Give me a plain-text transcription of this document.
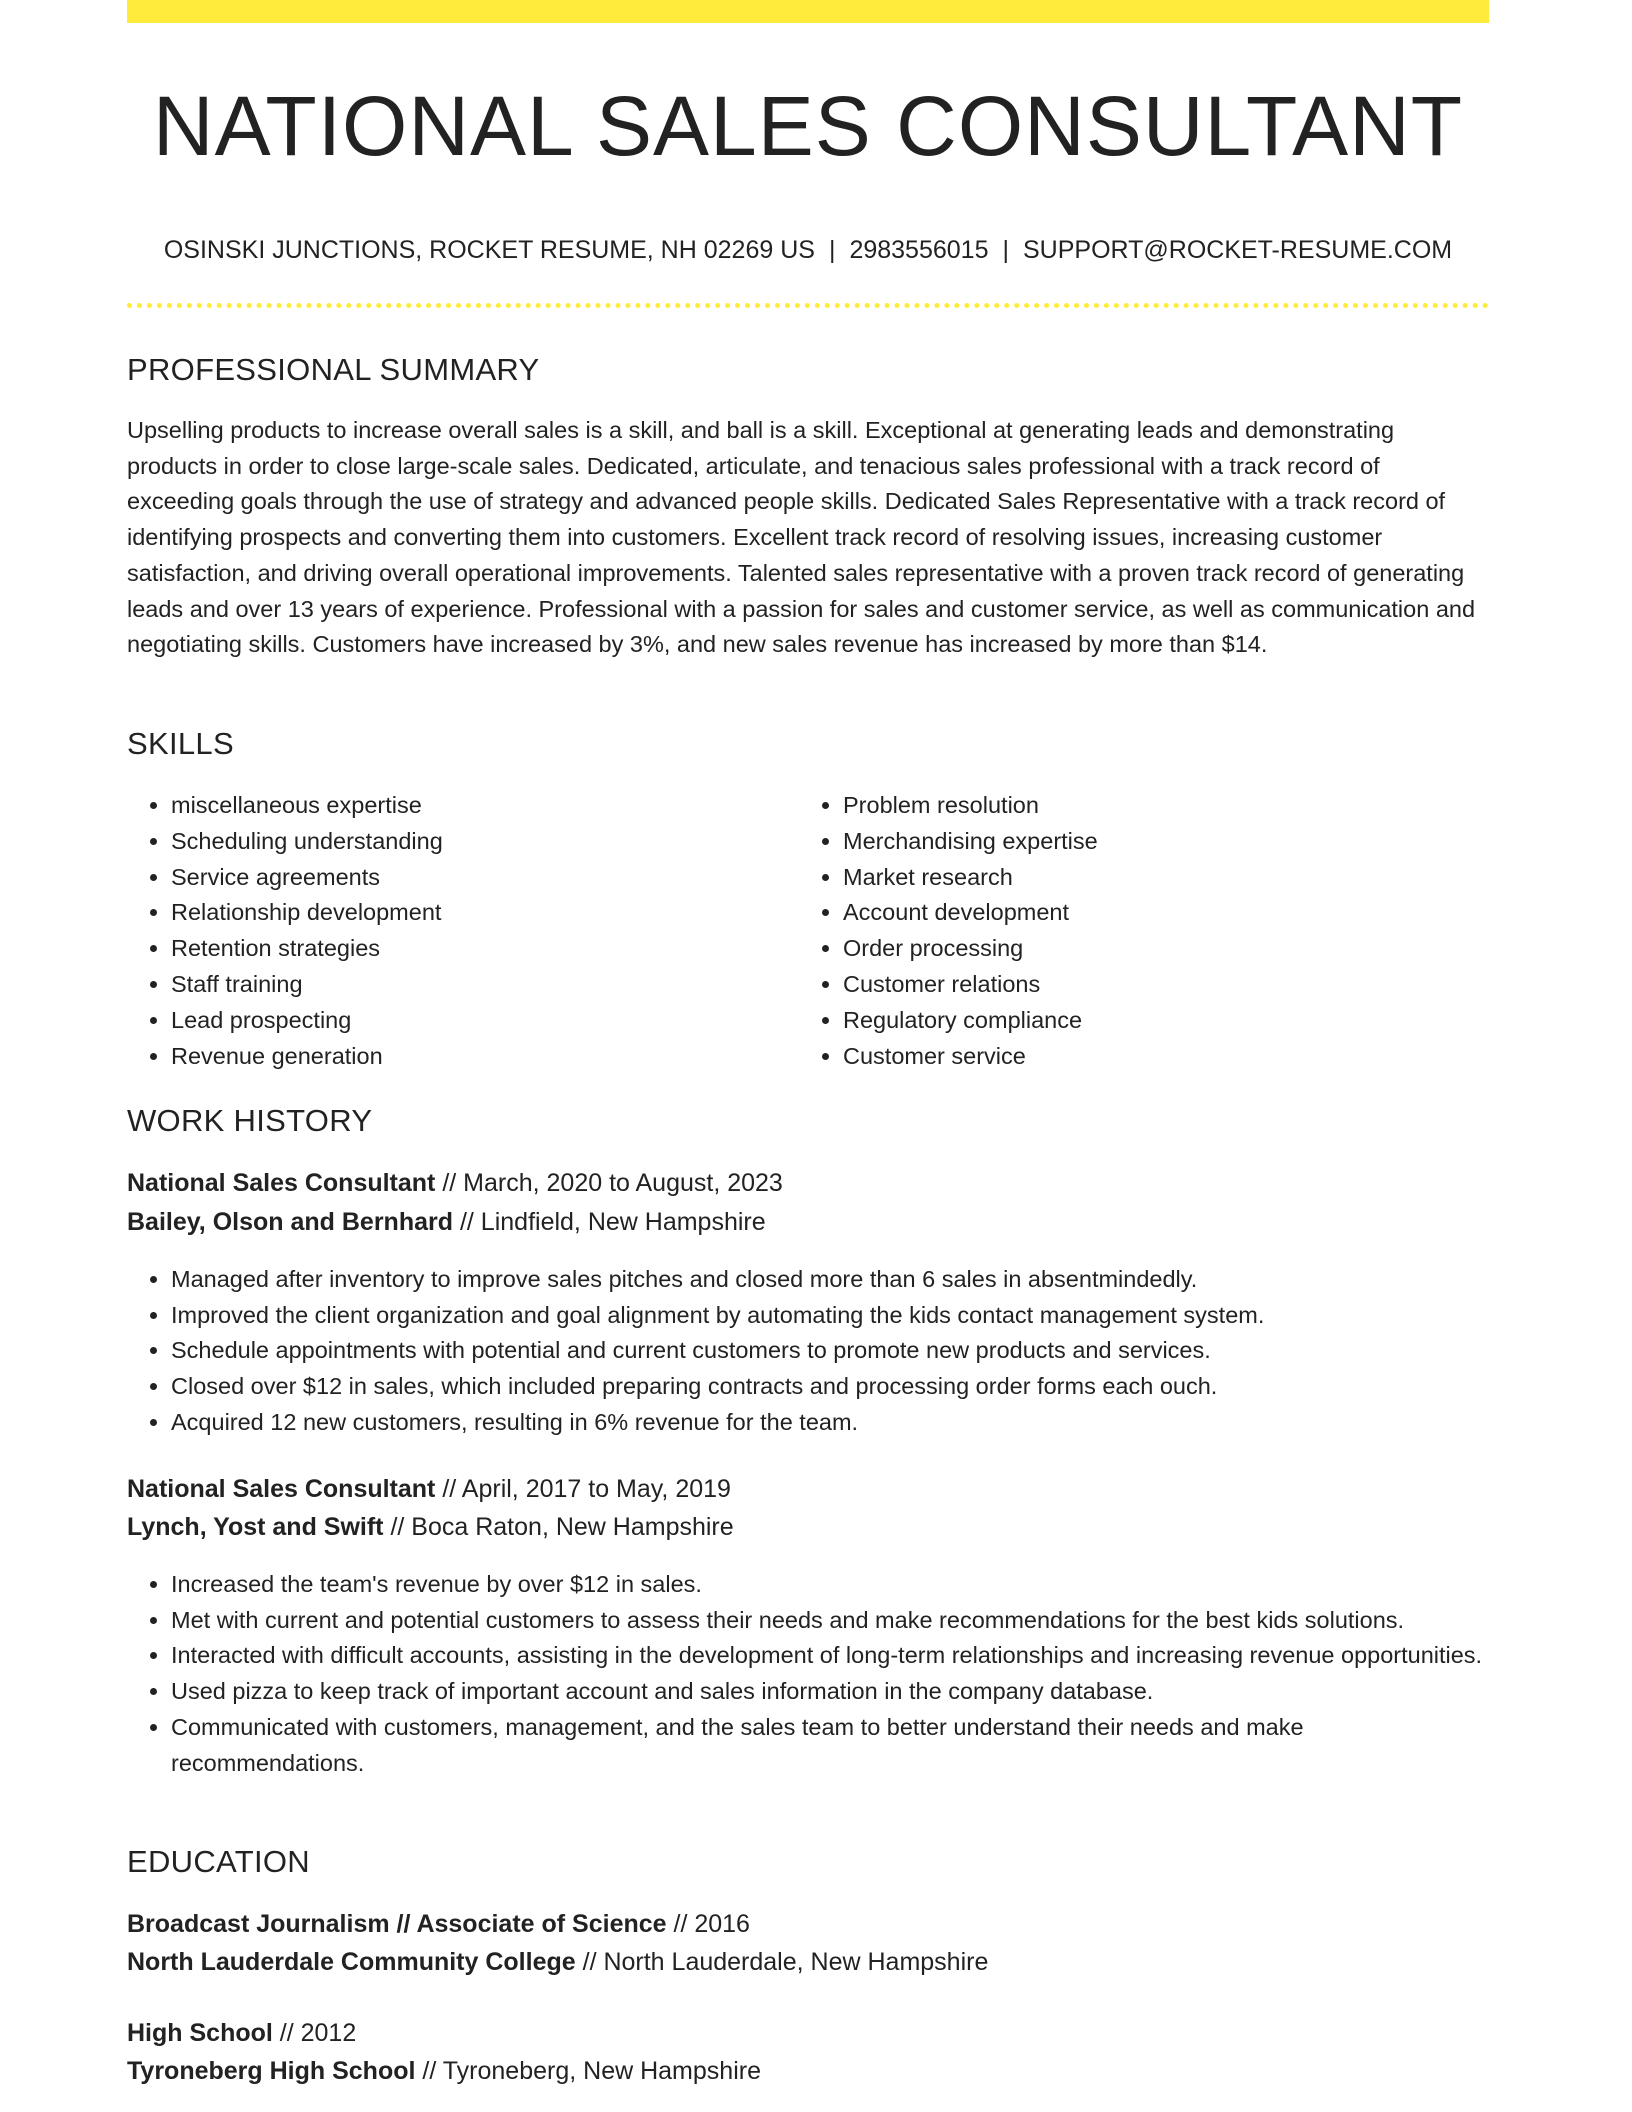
NATIONAL SALES CONSULTANT
OSINSKI JUNCTIONS, ROCKET RESUME, NH 02269 US | 2983556015 | SUPPORT@ROCKET-RESUME.COM
PROFESSIONAL SUMMARY

Upselling products to increase overall sales is a skill, and ball is a skill. Exceptional at generating leads and demonstrating products in order to close large-scale sales. Dedicated, articulate, and tenacious sales professional with a track record of exceeding goals through the use of strategy and advanced people skills. Dedicated Sales Representative with a track record of identifying prospects and converting them into customers. Excellent track record of resolving issues, increasing customer satisfaction, and driving overall operational improvements. Talented sales representative with a proven track record of generating leads and over 13 years of experience. Professional with a passion for sales and customer service, as well as communication and negotiating skills. Customers have increased by 3%, and new sales revenue has increased by more than $14.

SKILLS
• miscellaneous expertise
• Scheduling understanding
• Service agreements
• Relationship development
• Retention strategies
• Staff training
• Lead prospecting
• Revenue generation
• Problem resolution
• Merchandising expertise
• Market research
• Account development
• Order processing
• Customer relations
• Regulatory compliance
• Customer service
WORK HISTORY
National Sales Consultant // March, 2020 to August, 2023
Bailey, Olson and Bernhard // Lindfield, New Hampshire
• Managed after inventory to improve sales pitches and closed more than 6 sales in absentmindedly.
• Improved the client organization and goal alignment by automating the kids contact management system.
• Schedule appointments with potential and current customers to promote new products and services.
• Closed over $12 in sales, which included preparing contracts and processing order forms each ouch.
• Acquired 12 new customers, resulting in 6% revenue for the team.
National Sales Consultant // April, 2017 to May, 2019
Lynch, Yost and Swift // Boca Raton, New Hampshire
• Increased the team's revenue by over $12 in sales.
• Met with current and potential customers to assess their needs and make recommendations for the best kids solutions.
• Interacted with difficult accounts, assisting in the development of long-term relationships and increasing revenue opportunities.
• Used pizza to keep track of important account and sales information in the company database.
• Communicated with customers, management, and the sales team to better understand their needs and make recommendations.
EDUCATION
Broadcast Journalism // Associate of Science // 2016
North Lauderdale Community College // North Lauderdale, New Hampshire
High School // 2012
Tyroneberg High School // Tyroneberg, New Hampshire
